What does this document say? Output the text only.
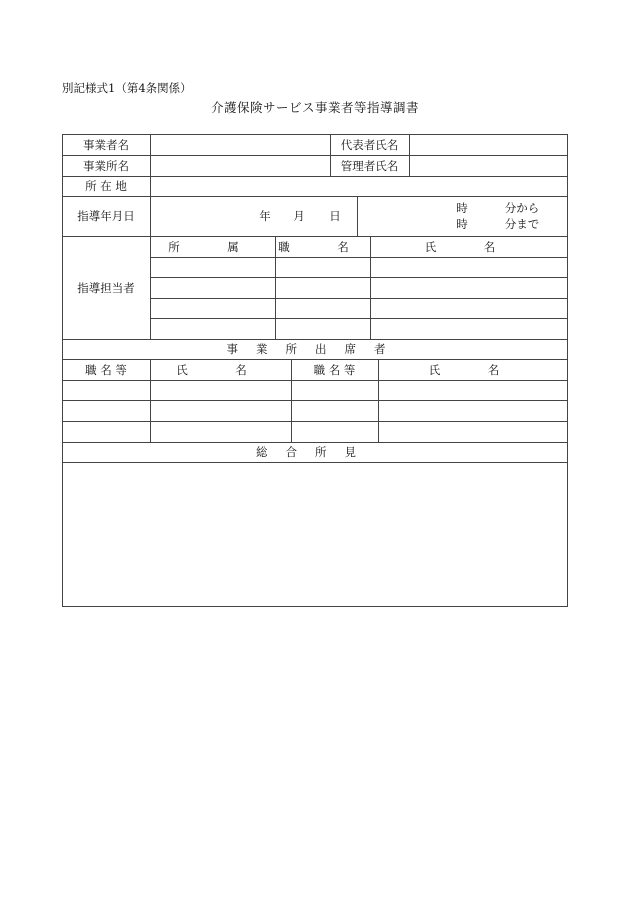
別記様式1（第4条関係）
介護保険サービス事業者等指導調書
事業者名	代表者氏名
事業所名	管理者氏名
所 在 地
指導年月日	年	月	日
時	分から
時	分まで
指導担当者
所　属	職　名	氏　名
事業所出席者
職 名 等	氏　名	職 名 等	氏　名
総合所見
